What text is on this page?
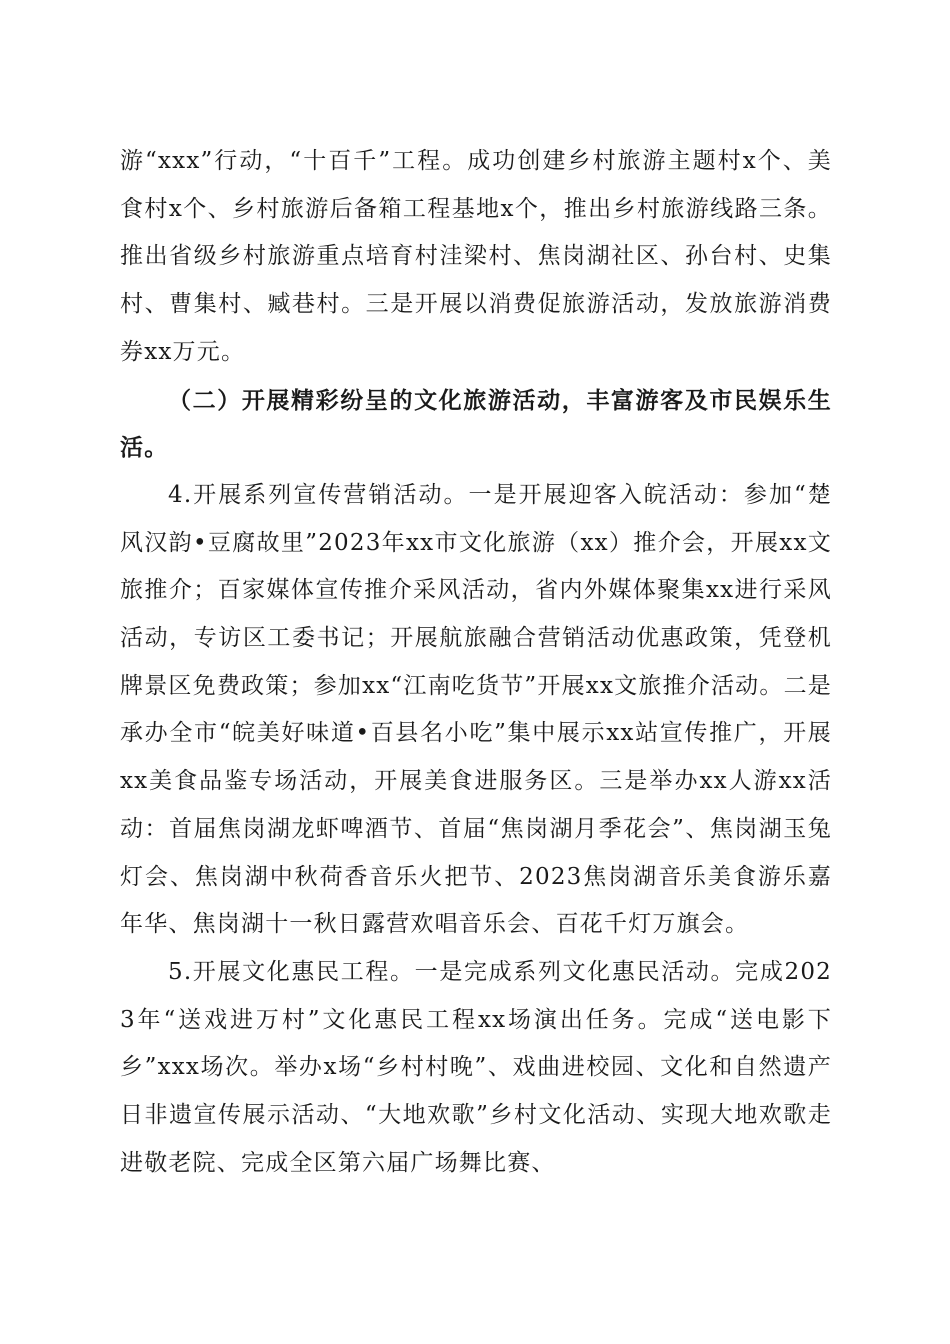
游“xxx”行动，“十百千”工程。成功创建乡村旅游主题村x个、美食村x个、乡村旅游后备箱工程基地x个，推出乡村旅游线路三条。推出省级乡村旅游重点培育村洼梁村、焦岗湖社区、孙台村、史集村、曹集村、臧巷村。三是开展以消费促旅游活动，发放旅游消费券xx万元。

（二）开展精彩纷呈的文化旅游活动，丰富游客及市民娱乐生活。

4.开展系列宣传营销活动。一是开展迎客入皖活动：参加“楚风汉韵•豆腐故里”2023年xx市文化旅游（xx）推介会，开展xx文旅推介；百家媒体宣传推介采风活动，省内外媒体聚集xx进行采风活动，专访区工委书记；开展航旅融合营销活动优惠政策，凭登机牌景区免费政策；参加xx“江南吃货节”开展xx文旅推介活动。二是承办全市“皖美好味道•百县名小吃”集中展示xx站宣传推广，开展xx美食品鉴专场活动，开展美食进服务区。三是举办xx人游xx活动：首届焦岗湖龙虾啤酒节、首届“焦岗湖月季花会”、焦岗湖玉兔灯会、焦岗湖中秋荷香音乐火把节、2023焦岗湖音乐美食游乐嘉年华、焦岗湖十一秋日露营欢唱音乐会、百花千灯万旗会。

5.开展文化惠民工程。一是完成系列文化惠民活动。完成2023年“送戏进万村”文化惠民工程xx场演出任务。完成“送电影下乡”xxx场次。举办x场“乡村村晚”、戏曲进校园、文化和自然遗产日非遗宣传展示活动、“大地欢歌”乡村文化活动、实现大地欢歌走进敬老院、完成全区第六届广场舞比赛、
